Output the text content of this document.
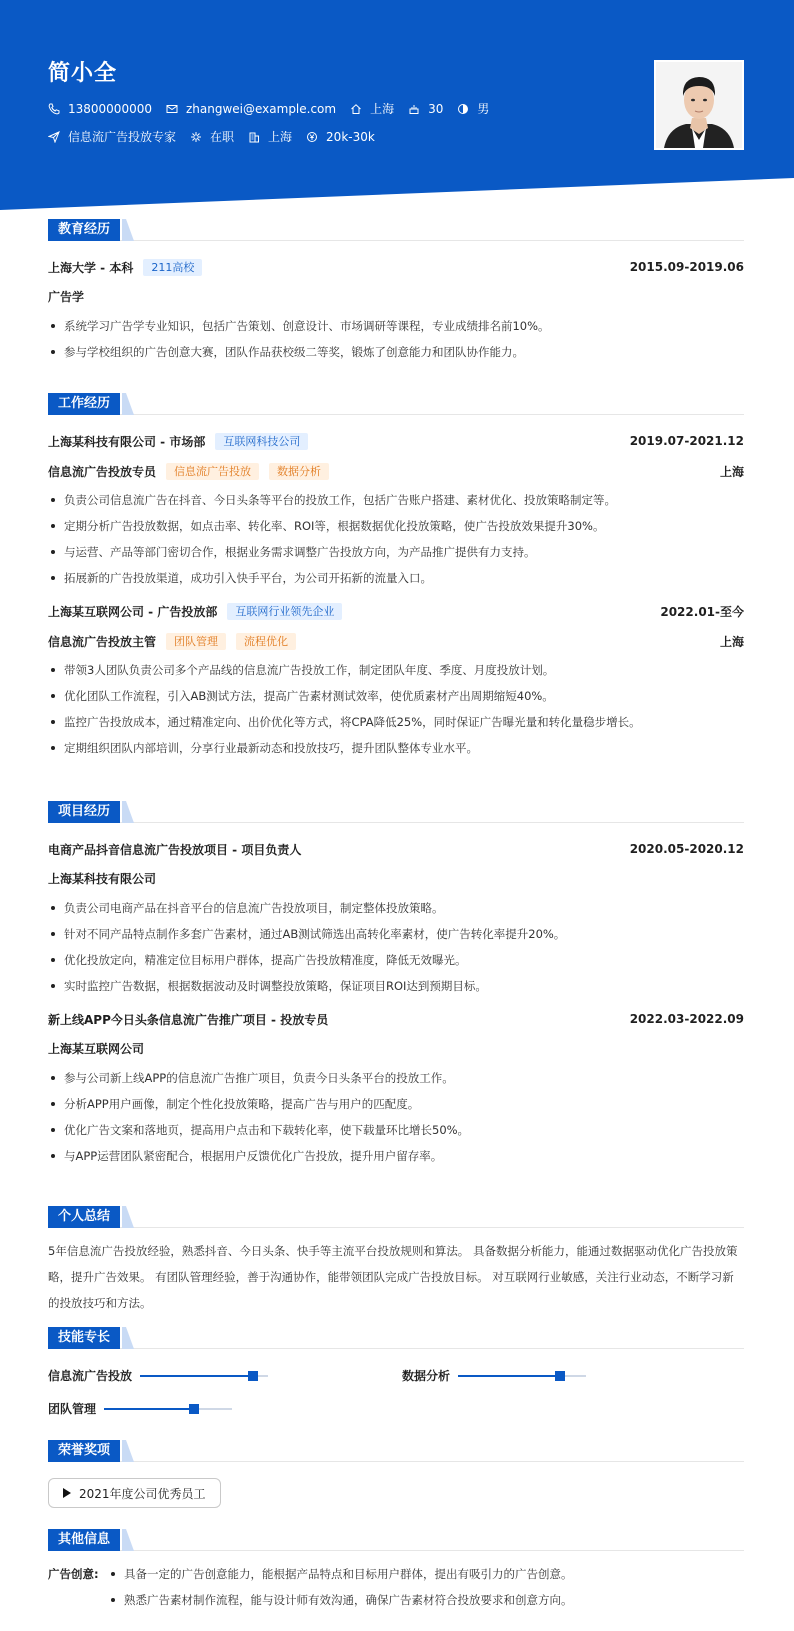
简小全
13800000000	zhangwei@example.com	上海	30	男
信息流广告投放专家	在职	上海	20k-30k
教育经历
上海大学 - 本科	211高校	2015.09-2019.06
广告学
系统学习广告学专业知识，包括广告策划、创意设计、市场调研等课程，专业成绩排名前10%。
参与学校组织的广告创意大赛，团队作品获校级二等奖，锻炼了创意能力和团队协作能力。
工作经历
上海某科技有限公司 - 市场部	互联网科技公司	2019.07-2021.12
信息流广告投放专员	信息流广告投放	数据分析	上海
负责公司信息流广告在抖音、今日头条等平台的投放工作，包括广告账户搭建、素材优化、投放策略制定等。
定期分析广告投放数据，如点击率、转化率、ROI等，根据数据优化投放策略，使广告投放效果提升30%。
与运营、产品等部门密切合作，根据业务需求调整广告投放方向，为产品推广提供有力支持。
拓展新的广告投放渠道，成功引入快手平台，为公司开拓新的流量入口。
上海某互联网公司 - 广告投放部	互联网行业领先企业	2022.01-至今
信息流广告投放主管	团队管理	流程优化	上海
带领3人团队负责公司多个产品线的信息流广告投放工作，制定团队年度、季度、月度投放计划。
优化团队工作流程，引入AB测试方法，提高广告素材测试效率，使优质素材产出周期缩短40%。
监控广告投放成本，通过精准定向、出价优化等方式，将CPA降低25%，同时保证广告曝光量和转化量稳步增长。
定期组织团队内部培训，分享行业最新动态和投放技巧，提升团队整体专业水平。
项目经历
电商产品抖音信息流广告投放项目 - 项目负责人	2020.05-2020.12
上海某科技有限公司
负责公司电商产品在抖音平台的信息流广告投放项目，制定整体投放策略。
针对不同产品特点制作多套广告素材，通过AB测试筛选出高转化率素材，使广告转化率提升20%。
优化投放定向，精准定位目标用户群体，提高广告投放精准度，降低无效曝光。
实时监控广告数据，根据数据波动及时调整投放策略，保证项目ROI达到预期目标。
新上线APP今日头条信息流广告推广项目 - 投放专员	2022.03-2022.09
上海某互联网公司
参与公司新上线APP的信息流广告推广项目，负责今日头条平台的投放工作。
分析APP用户画像，制定个性化投放策略，提高广告与用户的匹配度。
优化广告文案和落地页，提高用户点击和下载转化率，使下载量环比增长50%。
与APP运营团队紧密配合，根据用户反馈优化广告投放，提升用户留存率。
个人总结
5年信息流广告投放经验，熟悉抖音、今日头条、快手等主流平台投放规则和算法。 具备数据分析能力，能通过数据驱动优化广告投放策略，提升广告效果。 有团队管理经验，善于沟通协作，能带领团队完成广告投放目标。 对互联网行业敏感，关注行业动态，不断学习新的投放技巧和方法。
技能专长
信息流广告投放	数据分析
团队管理
荣誉奖项
2021年度公司优秀员工
其他信息
广告创意:	具备一定的广告创意能力，能根据产品特点和目标用户群体，提出有吸引力的广告创意。
熟悉广告素材制作流程，能与设计师有效沟通，确保广告素材符合投放要求和创意方向。
